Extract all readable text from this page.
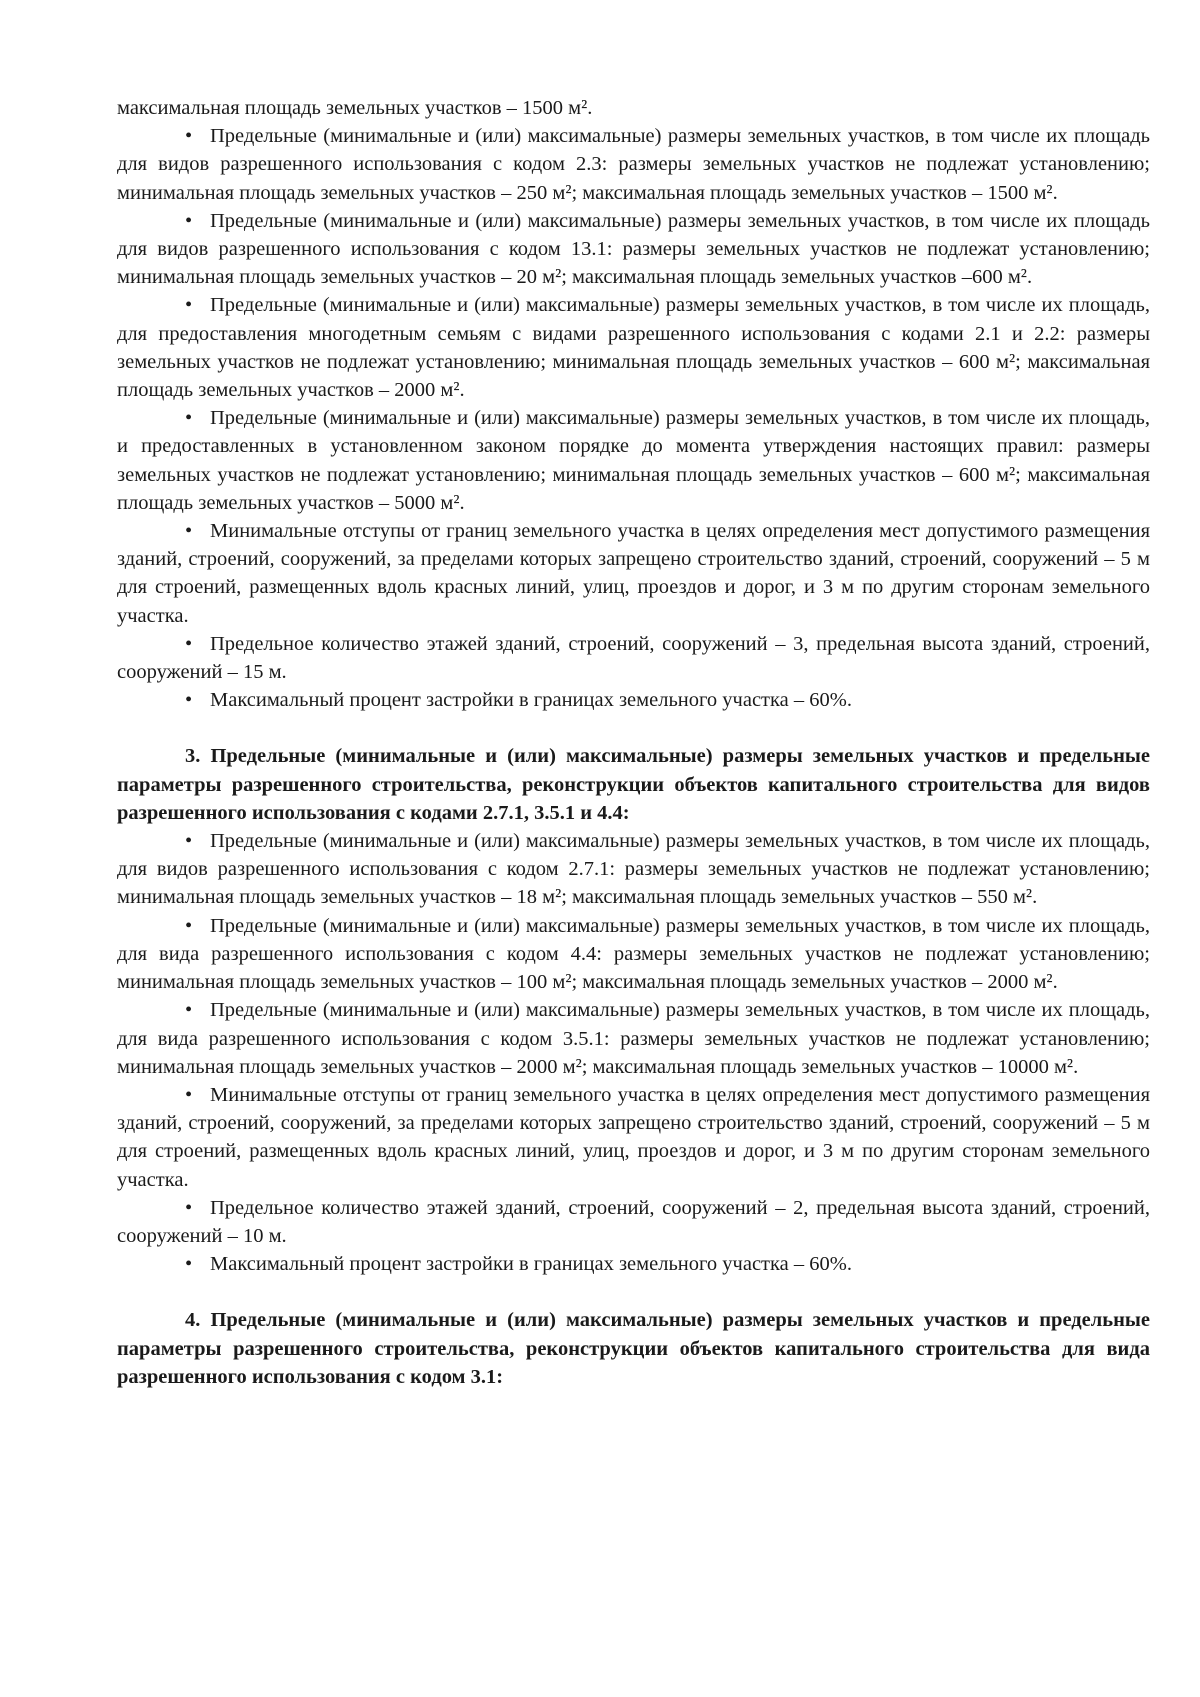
максимальная площадь земельных участков – 1500 м².

• Предельные (минимальные и (или) максимальные) размеры земельных участков, в том числе их площадь для видов разрешенного использования с кодом 2.3: размеры земельных участков не подлежат установлению; минимальная площадь земельных участков – 250 м²; максимальная площадь земельных участков – 1500 м².

• Предельные (минимальные и (или) максимальные) размеры земельных участков, в том числе их площадь для видов разрешенного использования с кодом 13.1: размеры земельных участков не подлежат установлению; минимальная площадь земельных участков – 20 м²; максимальная площадь земельных участков –600 м².

• Предельные (минимальные и (или) максимальные) размеры земельных участков, в том числе их площадь, для предоставления многодетным семьям с видами разрешенного использования с кодами 2.1 и 2.2: размеры земельных участков не подлежат установлению; минимальная площадь земельных участков – 600 м²; максимальная площадь земельных участков – 2000 м².

• Предельные (минимальные и (или) максимальные) размеры земельных участков, в том числе их площадь, и предоставленных в установленном законом порядке до момента утверждения настоящих правил: размеры земельных участков не подлежат установлению; минимальная площадь земельных участков – 600 м²; максимальная площадь земельных участков – 5000 м².

• Минимальные отступы от границ земельного участка в целях определения мест допустимого размещения зданий, строений, сооружений, за пределами которых запрещено строительство зданий, строений, сооружений – 5 м для строений, размещенных вдоль красных линий, улиц, проездов и дорог, и 3 м по другим сторонам земельного участка.

• Предельное количество этажей зданий, строений, сооружений – 3, предельная высота зданий, строений, сооружений – 15 м.

• Максимальный процент застройки в границах земельного участка – 60%.

3. Предельные (минимальные и (или) максимальные) размеры земельных участков и предельные параметры разрешенного строительства, реконструкции объектов капитального строительства для видов разрешенного использования с кодами 2.7.1, 3.5.1 и 4.4:

• Предельные (минимальные и (или) максимальные) размеры земельных участков, в том числе их площадь, для видов разрешенного использования с кодом 2.7.1: размеры земельных участков не подлежат установлению; минимальная площадь земельных участков – 18 м²; максимальная площадь земельных участков – 550 м².

• Предельные (минимальные и (или) максимальные) размеры земельных участков, в том числе их площадь, для вида разрешенного использования с кодом 4.4: размеры земельных участков не подлежат установлению; минимальная площадь земельных участков – 100 м²; максимальная площадь земельных участков – 2000 м².

• Предельные (минимальные и (или) максимальные) размеры земельных участков, в том числе их площадь, для вида разрешенного использования с кодом 3.5.1: размеры земельных участков не подлежат установлению; минимальная площадь земельных участков – 2000 м²; максимальная площадь земельных участков – 10000 м².

• Минимальные отступы от границ земельного участка в целях определения мест допустимого размещения зданий, строений, сооружений, за пределами которых запрещено строительство зданий, строений, сооружений – 5 м для строений, размещенных вдоль красных линий, улиц, проездов и дорог, и 3 м по другим сторонам земельного участка.

• Предельное количество этажей зданий, строений, сооружений – 2, предельная высота зданий, строений, сооружений – 10 м.

• Максимальный процент застройки в границах земельного участка – 60%.

4. Предельные (минимальные и (или) максимальные) размеры земельных участков и предельные параметры разрешенного строительства, реконструкции объектов капитального строительства для вида разрешенного использования с кодом 3.1:
